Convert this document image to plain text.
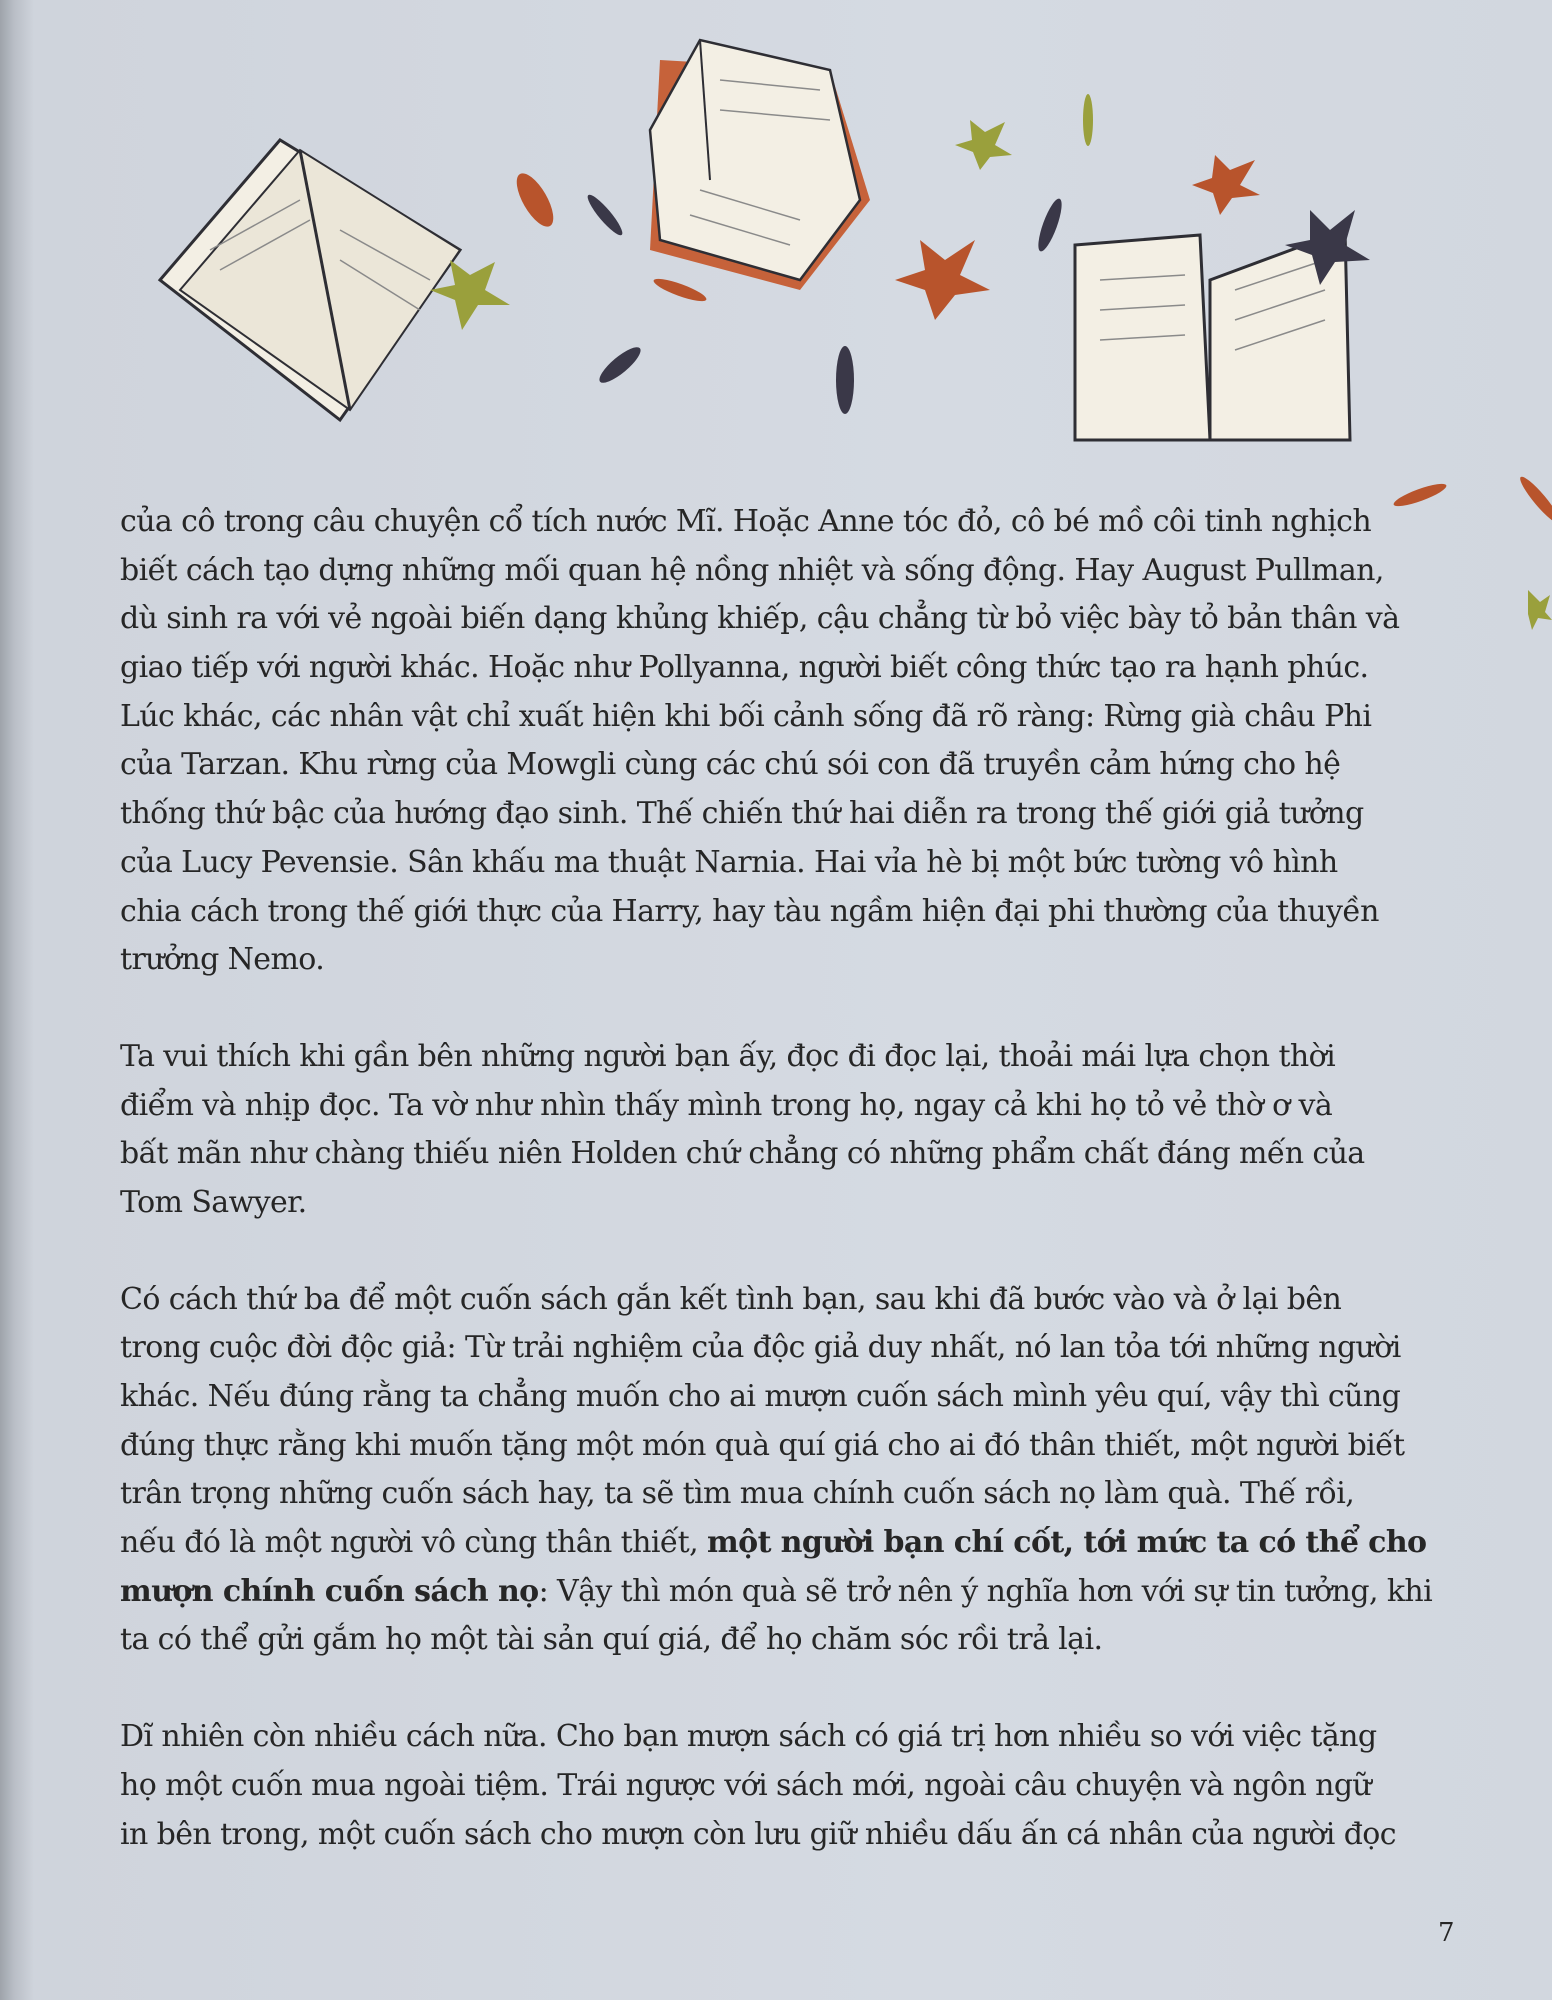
của cô trong câu chuyện cổ tích nước Mĩ. Hoặc Anne tóc đỏ, cô bé mồ côi tinh nghịch
biết cách tạo dựng những mối quan hệ nồng nhiệt và sống động. Hay August Pullman,
dù sinh ra với vẻ ngoài biến dạng khủng khiếp, cậu chẳng từ bỏ việc bày tỏ bản thân và
giao tiếp với người khác. Hoặc như Pollyanna, người biết công thức tạo ra hạnh phúc.
Lúc khác, các nhân vật chỉ xuất hiện khi bối cảnh sống đã rõ ràng: Rừng già châu Phi
của Tarzan. Khu rừng của Mowgli cùng các chú sói con đã truyền cảm hứng cho hệ
thống thứ bậc của hướng đạo sinh. Thế chiến thứ hai diễn ra trong thế giới giả tưởng
của Lucy Pevensie. Sân khấu ma thuật Narnia. Hai vỉa hè bị một bức tường vô hình
chia cách trong thế giới thực của Harry, hay tàu ngầm hiện đại phi thường của thuyền
trưởng Nemo.
Ta vui thích khi gần bên những người bạn ấy, đọc đi đọc lại, thoải mái lựa chọn thời
điểm và nhịp đọc. Ta vờ như nhìn thấy mình trong họ, ngay cả khi họ tỏ vẻ thờ ơ và
bất mãn như chàng thiếu niên Holden chứ chẳng có những phẩm chất đáng mến của
Tom Sawyer.
Có cách thứ ba để một cuốn sách gắn kết tình bạn, sau khi đã bước vào và ở lại bên
trong cuộc đời độc giả: Từ trải nghiệm của độc giả duy nhất, nó lan tỏa tới những người
khác. Nếu đúng rằng ta chẳng muốn cho ai mượn cuốn sách mình yêu quí, vậy thì cũng
đúng thực rằng khi muốn tặng một món quà quí giá cho ai đó thân thiết, một người biết
trân trọng những cuốn sách hay, ta sẽ tìm mua chính cuốn sách nọ làm quà. Thế rồi,
nếu đó là một người vô cùng thân thiết, một người bạn chí cốt, tới mức ta có thể cho
mượn chính cuốn sách nọ: Vậy thì món quà sẽ trở nên ý nghĩa hơn với sự tin tưởng, khi
ta có thể gửi gắm họ một tài sản quí giá, để họ chăm sóc rồi trả lại.
Dĩ nhiên còn nhiều cách nữa. Cho bạn mượn sách có giá trị hơn nhiều so với việc tặng
họ một cuốn mua ngoài tiệm. Trái ngược với sách mới, ngoài câu chuyện và ngôn ngữ
in bên trong, một cuốn sách cho mượn còn lưu giữ nhiều dấu ấn cá nhân của người đọc
7
